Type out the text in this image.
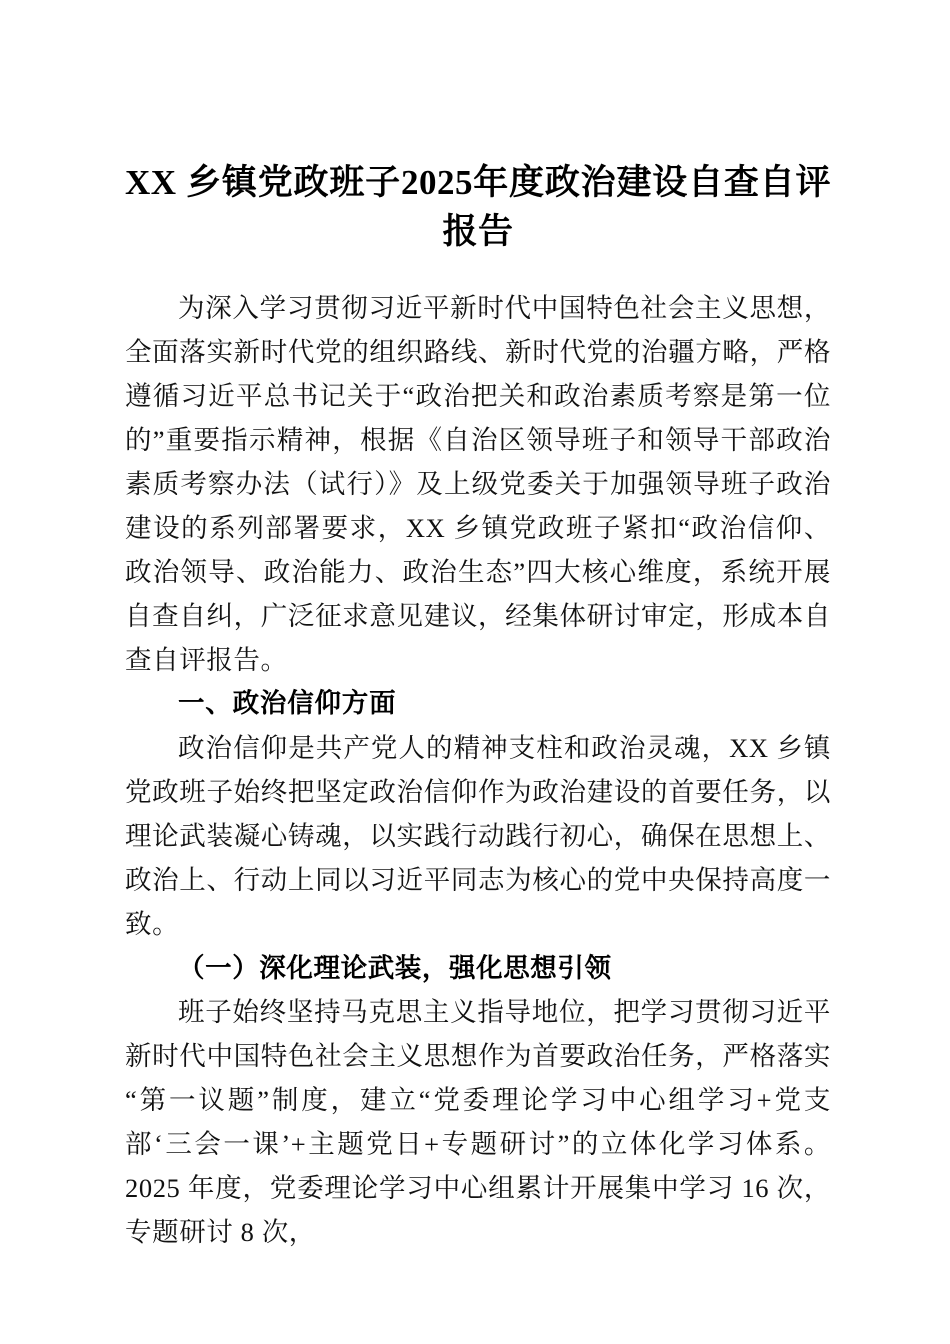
XX 乡镇党政班子2025年度政治建设自查自评
报告

为深入学习贯彻习近平新时代中国特色社会主义思想，全面落实新时代党的组织路线、新时代党的治疆方略，严格遵循习近平总书记关于“政治把关和政治素质考察是第一位的”重要指示精神，根据《自治区领导班子和领导干部政治素质考察办法（试行）》及上级党委关于加强领导班子政治建设的系列部署要求，XX 乡镇党政班子紧扣“政治信仰、政治领导、政治能力、政治生态”四大核心维度，系统开展自查自纠，广泛征求意见建议，经集体研讨审定，形成本自查自评报告。

一、政治信仰方面

政治信仰是共产党人的精神支柱和政治灵魂，XX 乡镇党政班子始终把坚定政治信仰作为政治建设的首要任务，以理论武装凝心铸魂，以实践行动践行初心，确保在思想上、政治上、行动上同以习近平同志为核心的党中央保持高度一致。

（一）深化理论武装，强化思想引领

班子始终坚持马克思主义指导地位，把学习贯彻习近平新时代中国特色社会主义思想作为首要政治任务，严格落实“第一议题”制度，建立“党委理论学习中心组学习+党支部‘三会一课’+主题党日+专题研讨”的立体化学习体系。2025 年度，党委理论学习中心组累计开展集中学习 16 次，专题研讨 8 次，
